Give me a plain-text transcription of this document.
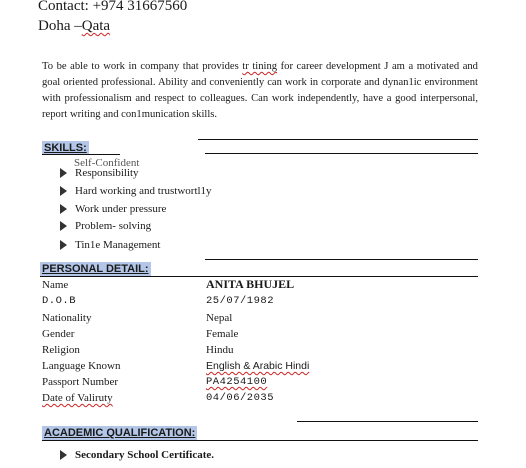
Contact: +974 31667560
Doha –Qata
To be able to work in company that provides tr tining for career development J am a motivated and goal oriented professional. Ability and conveniently can work in corporate and dynan1ic environment with professionalism and respect to colleagues. Can work independently, have a good interpersonal, report writing and con1munication skills.
SKILLS:
Self-Confident
Responsibility
Hard working and trustwortl1y
Work under pressure
Problem- solving
Tin1e Management
PERSONAL DETAIL:
Name	ANITA BHUJEL
D.O.B	25/07/1982
Nationality	Nepal
Gender	Female
Religion	Hindu
Language Known	English & Arabic Hindi
Passport Number	PA4254100
Date of Valiruty	04/06/2035
ACADEMIC QUALIFICATION:
Secondary School Certificate.
